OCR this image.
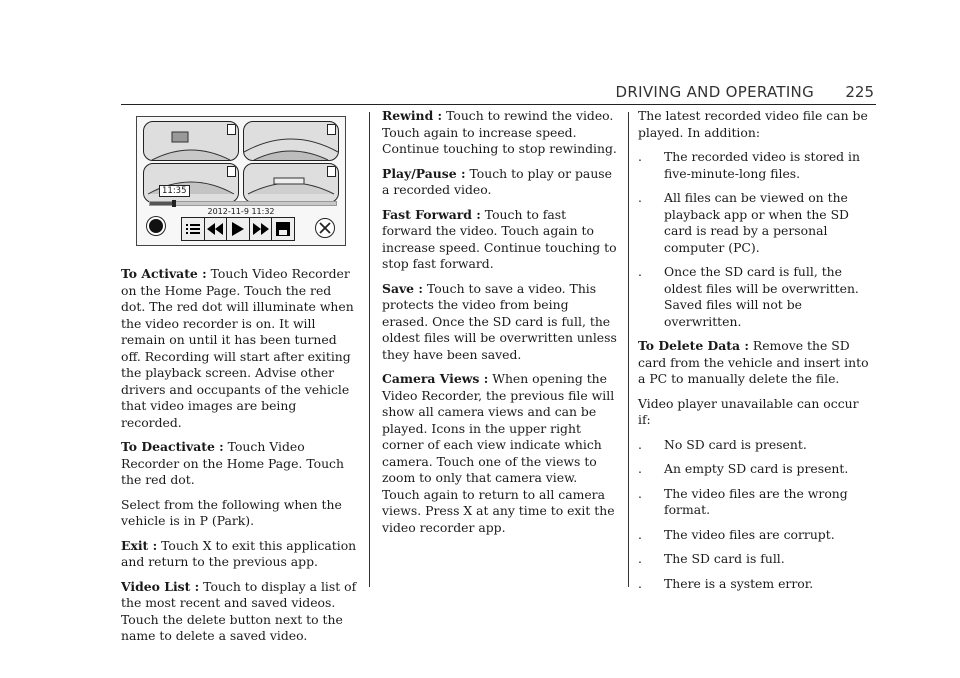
DRIVING AND OPERATING 225
11:35
2012-11-9 11:32

To Activate : Touch Video Recorder on the Home Page. Touch the red dot. The red dot will illuminate when the video recorder is on. It will remain on until it has been turned off. Recording will start after exiting the playback screen. Advise other drivers and occupants of the vehicle that video images are being recorded.

To Deactivate : Touch Video Recorder on the Home Page. Touch the red dot.

Select from the following when the vehicle is in P (Park).

Exit : Touch X to exit this application and return to the previous app.

Video List : Touch to display a list of the most recent and saved videos. Touch the delete button next to the name to delete a saved video.

Rewind : Touch to rewind the video. Touch again to increase speed. Continue touching to stop rewinding.

Play/Pause : Touch to play or pause a recorded video.

Fast Forward : Touch to fast forward the video. Touch again to increase speed. Continue touching to stop fast forward.

Save : Touch to save a video. This protects the video from being erased. Once the SD card is full, the oldest files will be overwritten unless they have been saved.

Camera Views : When opening the Video Recorder, the previous file will show all camera views and can be played. Icons in the upper right corner of each view indicate which camera. Touch one of the views to zoom to only that camera view. Touch again to return to all camera views. Press X at any time to exit the video recorder app.

The latest recorded video file can be played. In addition:

. The recorded video is stored in five-minute-long files.
. All files can be viewed on the playback app or when the SD card is read by a personal computer (PC).
. Once the SD card is full, the oldest files will be overwritten. Saved files will not be overwritten.

To Delete Data : Remove the SD card from the vehicle and insert into a PC to manually delete the file.

Video player unavailable can occur if:

. No SD card is present.
. An empty SD card is present.
. The video files are the wrong format.
. The video files are corrupt.
. The SD card is full.
. There is a system error.
